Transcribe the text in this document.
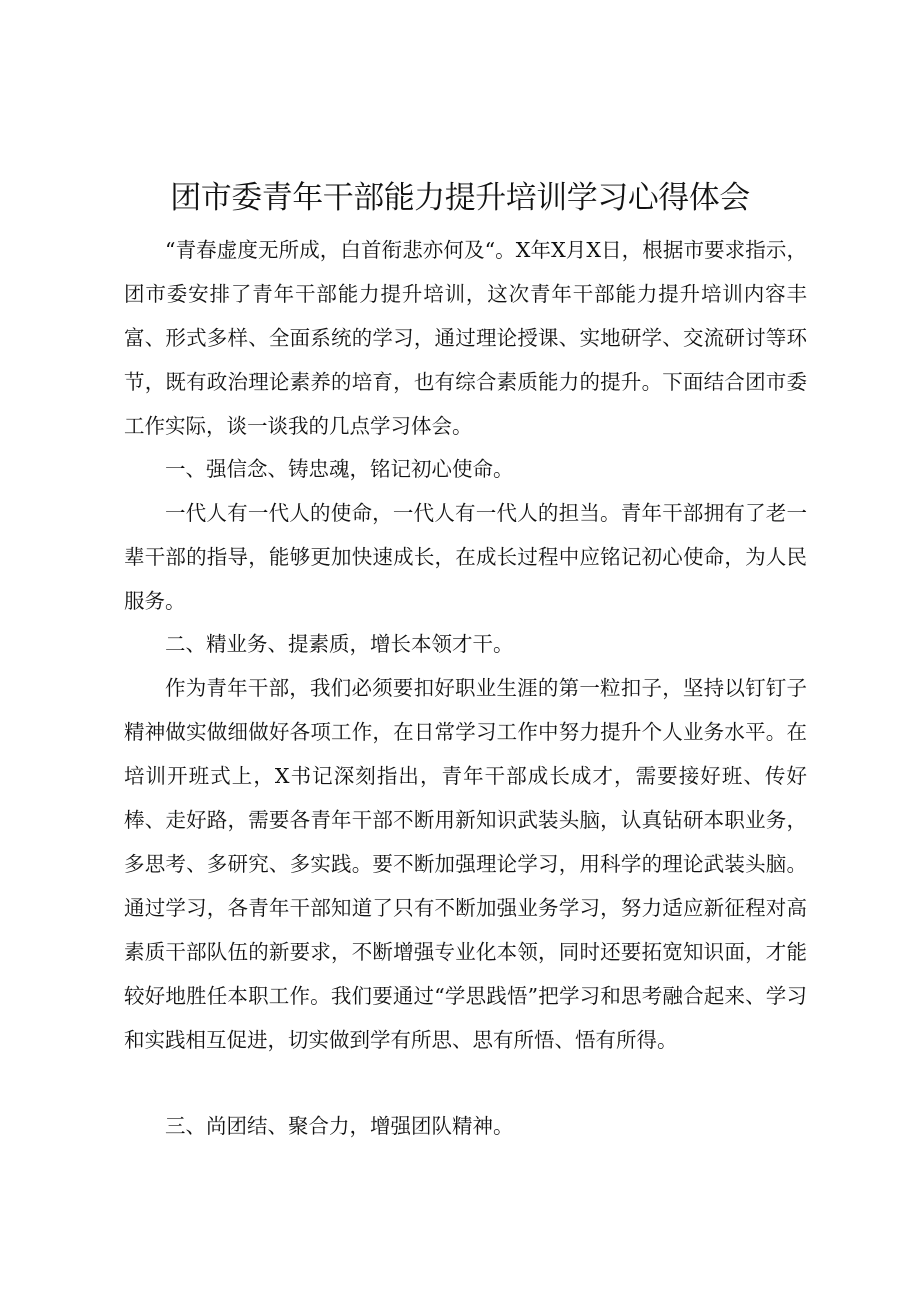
团市委青年干部能力提升培训学习心得体会
“青春虚度无所成，白首衔悲亦何及“。X年X月X日，根据市要求指示，团市委安排了青年干部能力提升培训，这次青年干部能力提升培训内容丰富、形式多样、全面系统的学习，通过理论授课、实地研学、交流研讨等环节，既有政治理论素养的培育，也有综合素质能力的提升。下面结合团市委工作实际，谈一谈我的几点学习体会。
一、强信念、铸忠魂，铭记初心使命。
一代人有一代人的使命，一代人有一代人的担当。青年干部拥有了老一辈干部的指导，能够更加快速成长，在成长过程中应铭记初心使命，为人民服务。
二、精业务、提素质，增长本领才干。
作为青年干部，我们必须要扣好职业生涯的第一粒扣子，坚持以钉钉子精神做实做细做好各项工作，在日常学习工作中努力提升个人业务水平。在培训开班式上，X书记深刻指出，青年干部成长成才，需要接好班、传好棒、走好路，需要各青年干部不断用新知识武装头脑，认真钻研本职业务，多思考、多研究、多实践。要不断加强理论学习，用科学的理论武装头脑。通过学习，各青年干部知道了只有不断加强业务学习，努力适应新征程对高素质干部队伍的新要求，不断增强专业化本领，同时还要拓宽知识面，才能较好地胜任本职工作。我们要通过“学思践悟”把学习和思考融合起来、学习和实践相互促进，切实做到学有所思、思有所悟、悟有所得。
三、尚团结、聚合力，增强团队精神。
